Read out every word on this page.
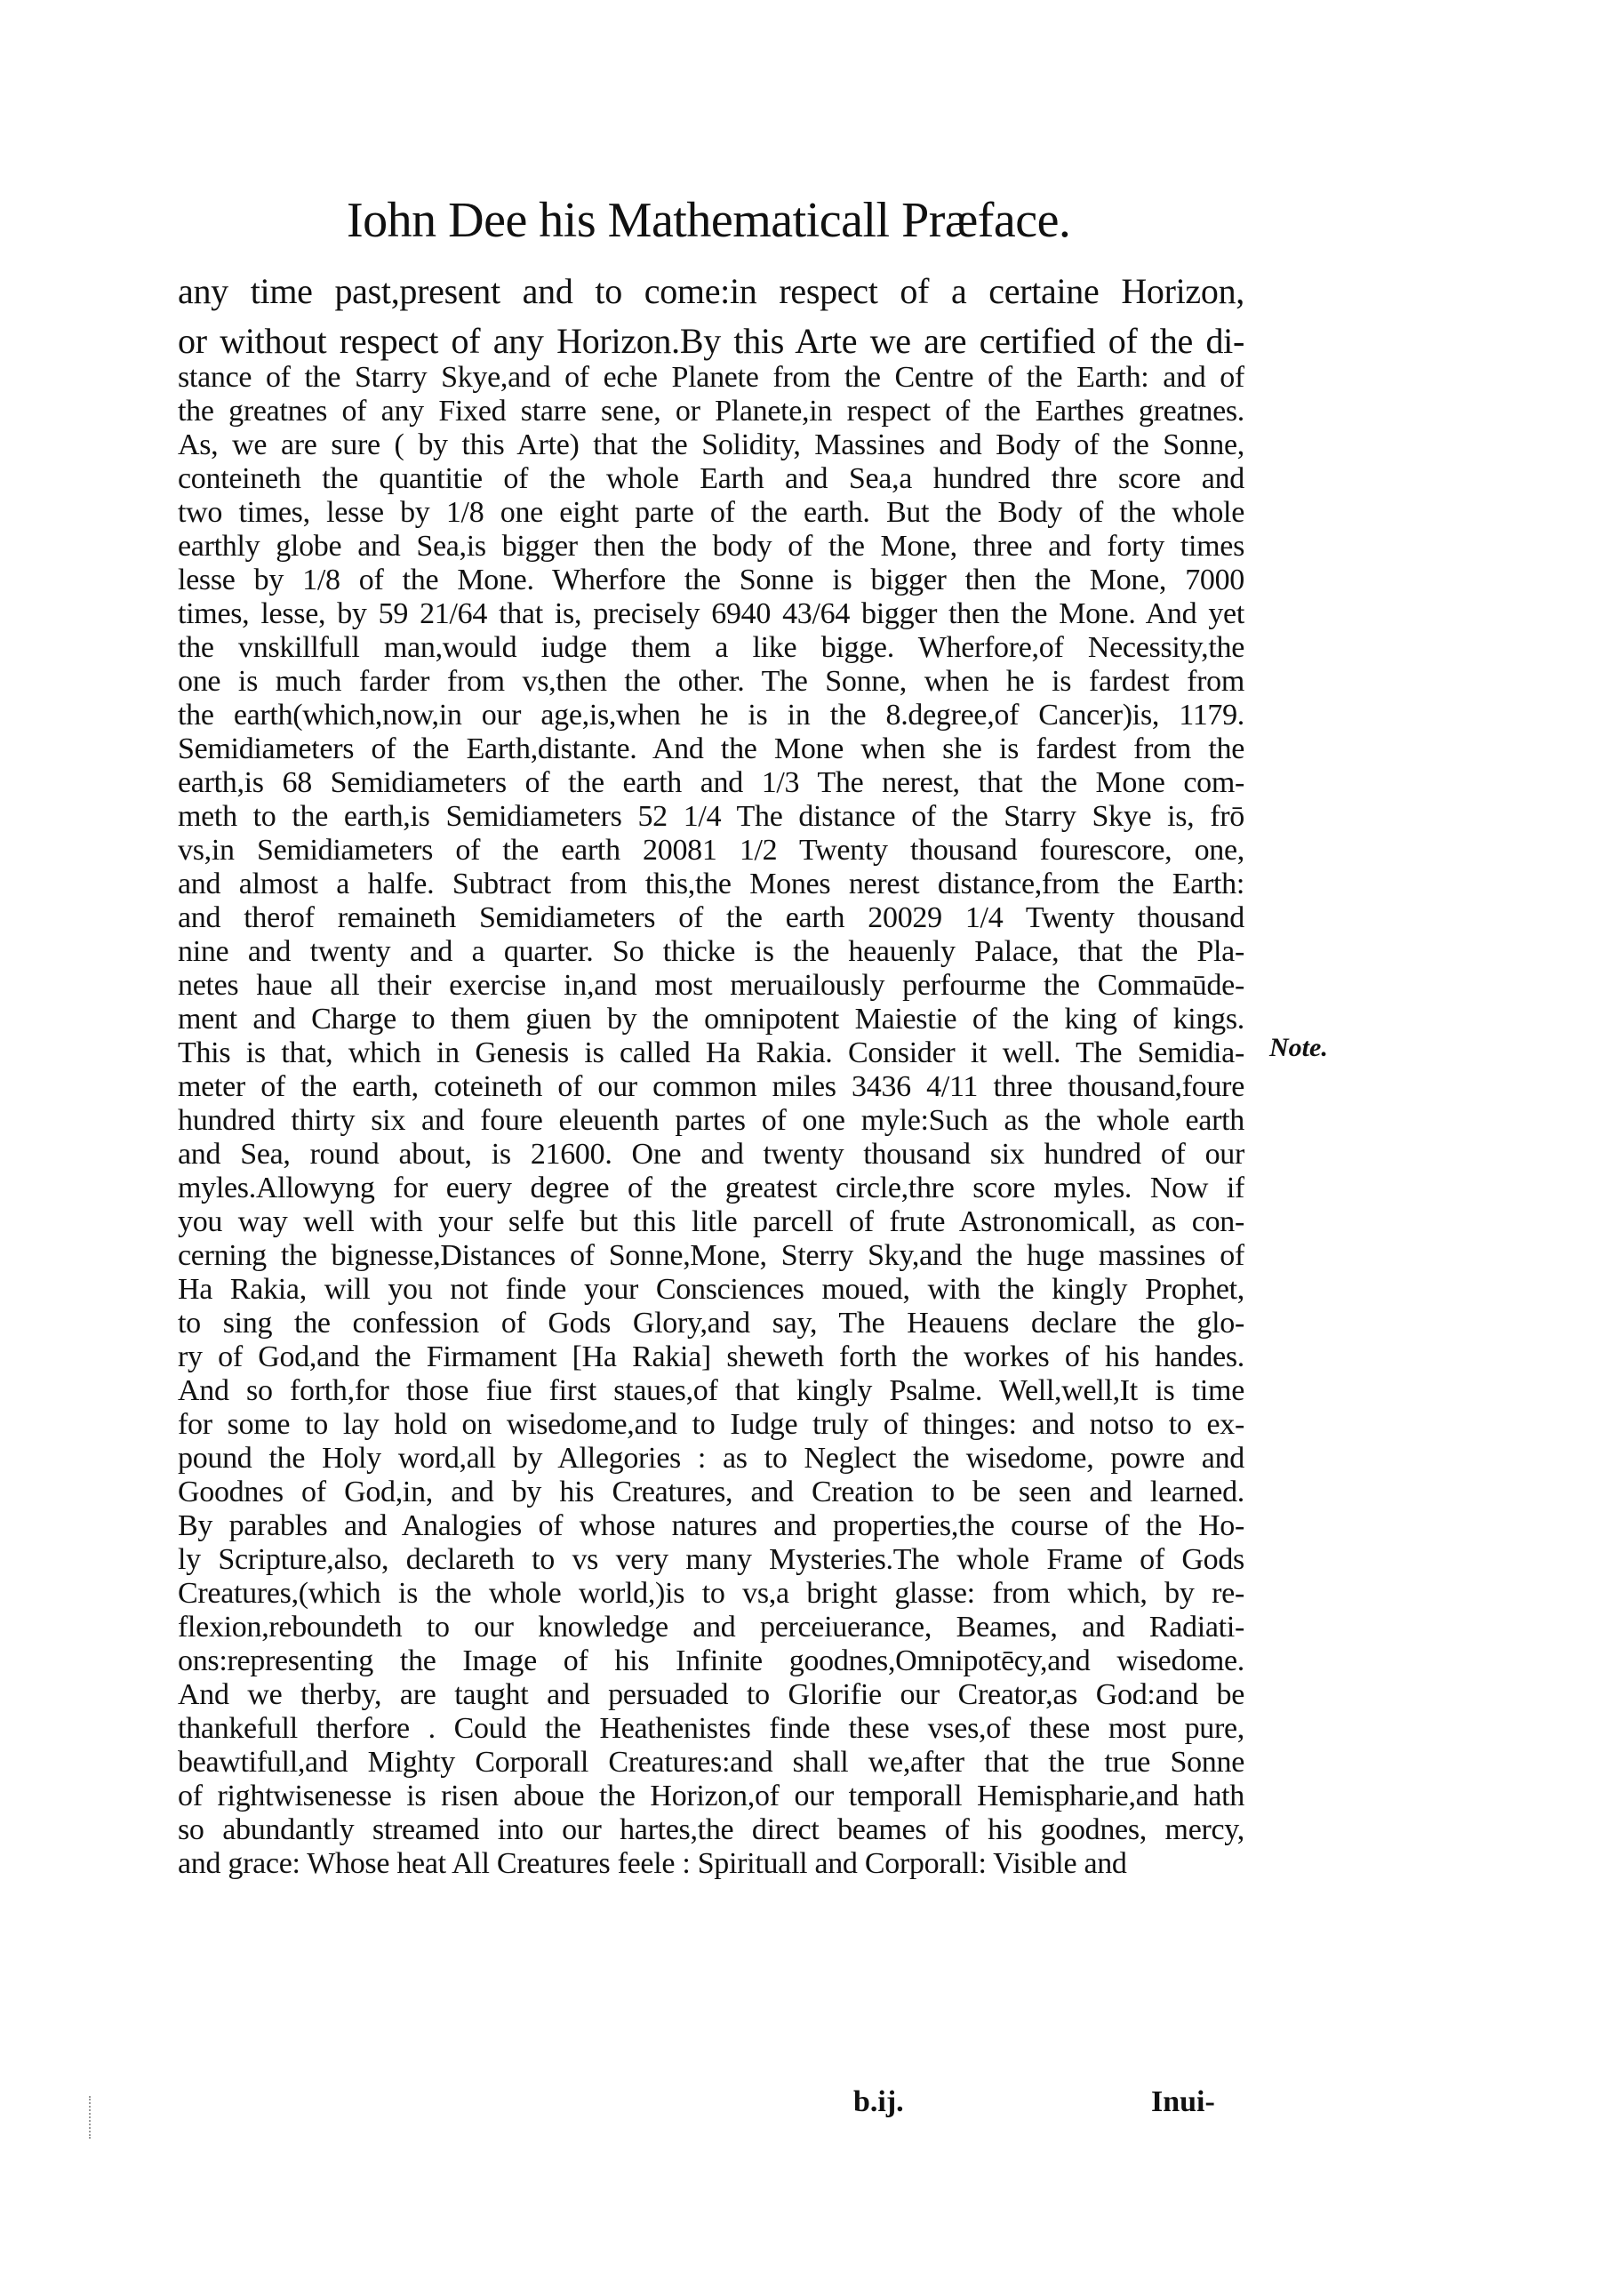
Iohn Dee his Mathematicall Præface.
any time past,present and to come:in respect of a certaine Horizon,
or without respect of any Horizon.By this Arte we are certified of the di-
stance of the Starry Skye,and of eche Planete from the Centre of the Earth: and of
the greatnes of any Fixed starre sene, or Planete,in respect of the Earthes greatnes.
As, we are sure ( by this Arte) that the Solidity, Massines and Body of the Sonne,
conteineth the quantitie of the whole Earth and Sea,a hundred thre score and
two times, lesse by 1/8 one eight parte of the earth. But the Body of the whole
earthly globe and Sea,is bigger then the body of the Mone, three and forty times
lesse by 1/8 of the Mone. Wherfore the Sonne is bigger then the Mone, 7000
times, lesse, by 59 21/64 that is, precisely 6940 43/64 bigger then the Mone. And yet
the vnskillfull man,would iudge them a like bigge. Wherfore,of Necessity,the
one is much farder from vs,then the other. The Sonne, when he is fardest from
the earth(which,now,in our age,is,when he is in the 8.degree,of Cancer)is, 1179.
Semidiameters of the Earth,distante. And the Mone when she is fardest from the
earth,is 68 Semidiameters of the earth and 1/3 The nerest, that the Mone com-
meth to the earth,is Semidiameters 52 1/4 The distance of the Starry Skye is, frō
vs,in Semidiameters of the earth 20081 1/2 Twenty thousand fourescore, one,
and almost a halfe. Subtract from this,the Mones nerest distance,from the Earth:
and therof remaineth Semidiameters of the earth 20029 1/4 Twenty thousand
nine and twenty and a quarter. So thicke is the heauenly Palace, that the Pla-
netes haue all their exercise in,and most meruailously perfourme the Commaūde-
ment and Charge to them giuen by the omnipotent Maiestie of the king of kings.
This is that, which in Genesis is called Ha Rakia. Consider it well. The Semidia-
meter of the earth, coteineth of our common miles 3436 4/11 three thousand,foure
hundred thirty six and foure eleuenth partes of one myle:Such as the whole earth
and Sea, round about, is 21600. One and twenty thousand six hundred of our
myles.Allowyng for euery degree of the greatest circle,thre score myles. Now if
you way well with your selfe but this litle parcell of frute Astronomicall, as con-
cerning the bignesse,Distances of Sonne,Mone, Sterry Sky,and the huge massines of
Ha Rakia, will you not finde your Consciences moued, with the kingly Prophet,
to sing the confession of Gods Glory,and say, The Heauens declare the glo-
ry of God,and the Firmament [Ha Rakia] sheweth forth the workes of his handes.
And so forth,for those fiue first staues,of that kingly Psalme. Well,well,It is time
for some to lay hold on wisedome,and to Iudge truly of thinges: and notso to ex-
pound the Holy word,all by Allegories : as to Neglect the wisedome, powre and
Goodnes of God,in, and by his Creatures, and Creation to be seen and learned.
By parables and Analogies of whose natures and properties,the course of the Ho-
ly Scripture,also, declareth to vs very many Mysteries.The whole Frame of Gods
Creatures,(which is the whole world,)is to vs,a bright glasse: from which, by re-
flexion,reboundeth to our knowledge and perceiuerance, Beames, and Radiati-
ons:representing the Image of his Infinite goodnes,Omnipotēcy,and wisedome.
And we therby, are taught and persuaded to Glorifie our Creator,as God:and be
thankefull therfore . Could the Heathenistes finde these vses,of these most pure,
beawtifull,and Mighty Corporall Creatures:and shall we,after that the true Sonne
of rightwisenesse is risen aboue the Horizon,of our temporall Hemispharie,and hath
so abundantly streamed into our hartes,the direct beames of his goodnes, mercy,
and grace: Whose heat All Creatures feele : Spirituall and Corporall: Visible and
Note.
b.ij.	Inui-
